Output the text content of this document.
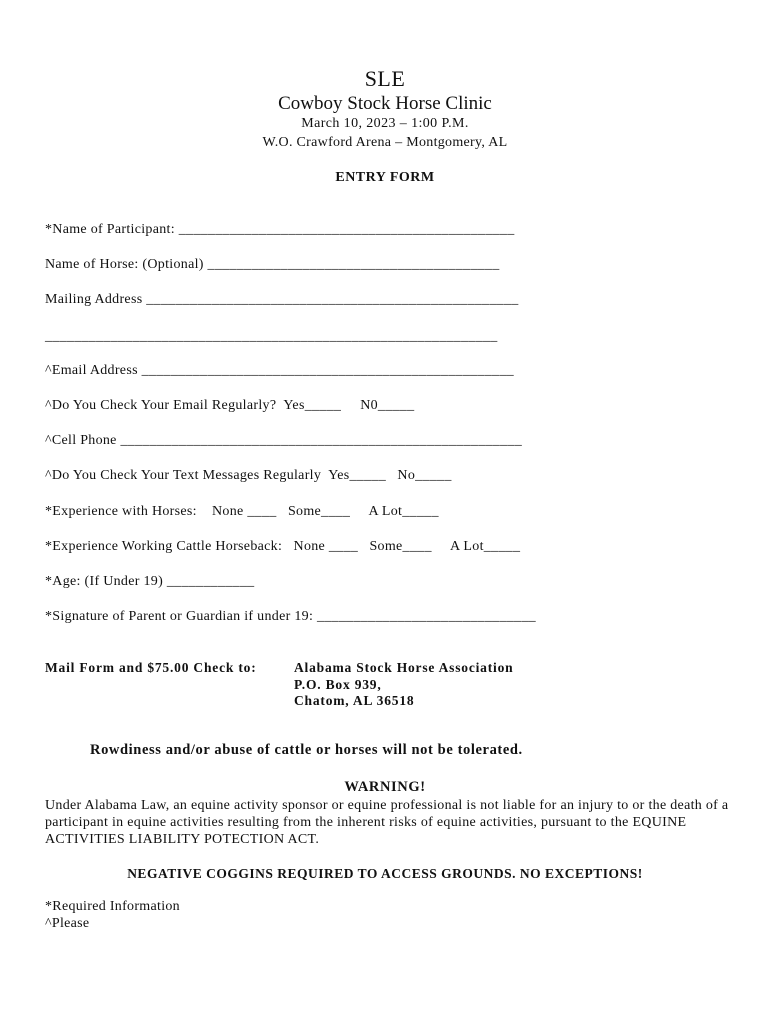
SLE
Cowboy Stock Horse Clinic
March 10, 2023 – 1:00 P.M.
W.O. Crawford Arena – Montgomery, AL
ENTRY FORM
*Name of Participant: ______________________________________________
Name of Horse: (Optional) ________________________________________
Mailing Address ___________________________________________________
______________________________________________________________
^Email Address ___________________________________________________
^Do You Check Your Email Regularly?  Yes_____     N0_____
^Cell Phone _______________________________________________________
^Do You Check Your Text Messages Regularly  Yes_____   No_____
*Experience with Horses:    None ____   Some____     A Lot_____
*Experience Working Cattle Horseback:   None ____   Some____     A Lot_____
*Age: (If Under 19) ____________
*Signature of Parent or Guardian if under 19: ______________________________
Mail Form and $75.00 Check to:	Alabama Stock Horse Association
P.O. Box 939,
Chatom, AL 36518
Rowdiness and/or abuse of cattle or horses will not be tolerated.
WARNING!
Under Alabama Law, an equine activity sponsor or equine professional is not liable for an injury to or the death of a participant in equine activities resulting from the inherent risks of equine activities, pursuant to the EQUINE ACTIVITIES LIABILITY POTECTION ACT.
NEGATIVE COGGINS REQUIRED TO ACCESS GROUNDS. NO EXCEPTIONS!
*Required Information
^Please
